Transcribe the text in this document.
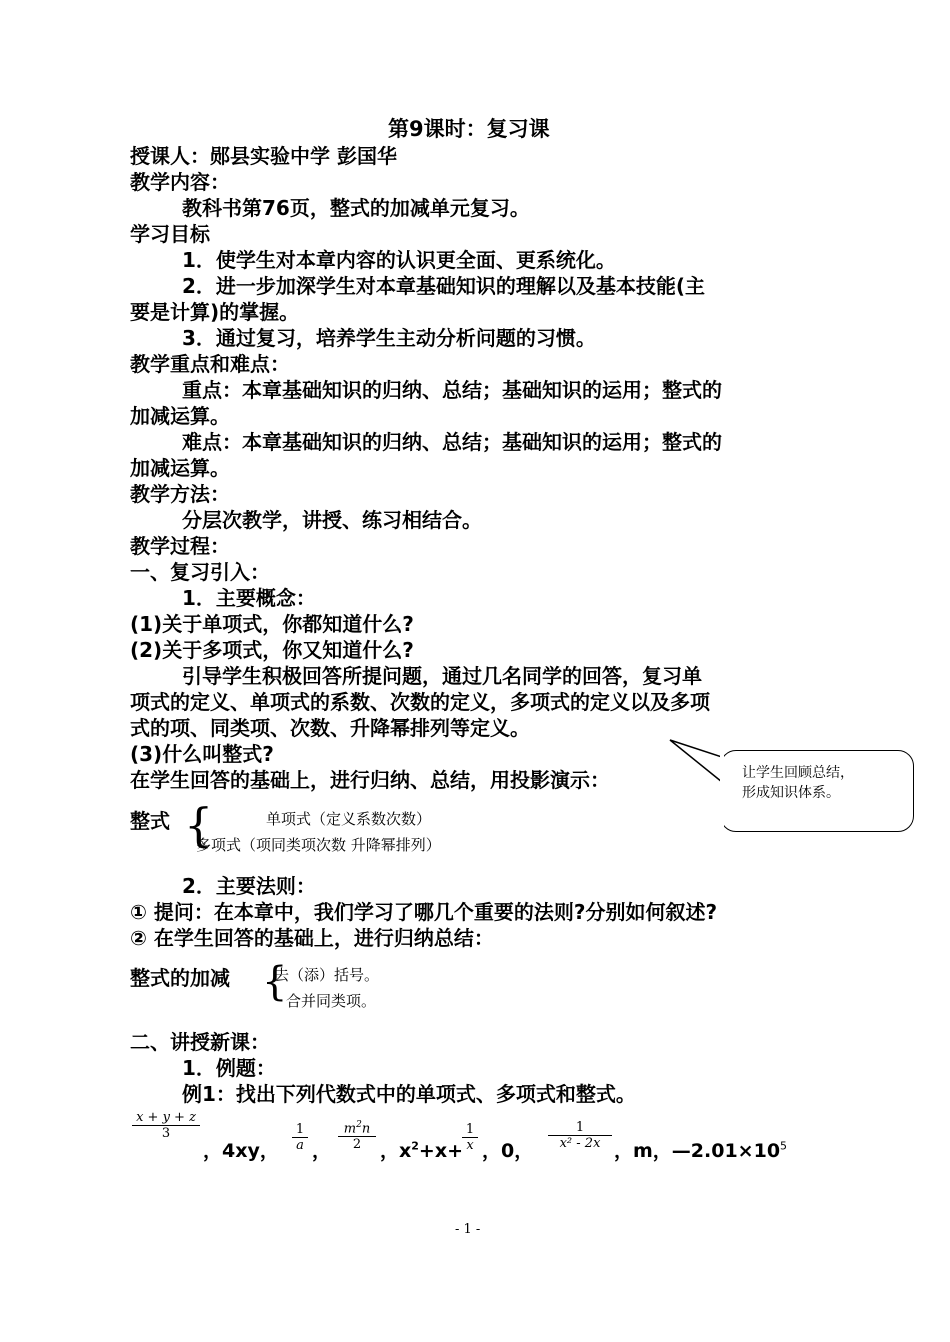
第9课时：复习课
授课人：郧县实验中学 彭国华
教学内容：
教科书第76页，整式的加减单元复习。
学习目标
1．使学生对本章内容的认识更全面、更系统化。
2．进一步加深学生对本章基础知识的理解以及基本技能(主
要是计算)的掌握。
3．通过复习，培养学生主动分析问题的习惯。
教学重点和难点：
重点：本章基础知识的归纳、总结；基础知识的运用；整式的
加减运算。
难点：本章基础知识的归纳、总结；基础知识的运用；整式的
加减运算。
教学方法：
分层次教学，讲授、练习相结合。
教学过程：
一、复习引入：
1．主要概念：
(1)关于单项式，你都知道什么?
(2)关于多项式，你又知道什么?
引导学生积极回答所提问题，通过几名同学的回答，复习单
项式的定义、单项式的系数、次数的定义，多项式的定义以及多项
式的项、同类项、次数、升降幂排列等定义。
(3)什么叫整式?
在学生回答的基础上，进行归纳、总结，用投影演示：	让学生回顾总结，
形成知识体系。
整式 {	单项式（定义系数次数）
多项式（项同类项次数 升降幂排列）
2．主要法则：
① 提问：在本章中，我们学习了哪几个重要的法则?分别如何叙述?
② 在学生回答的基础上，进行归纳总结：
整式的加减 {
去（添）括号。
合并同类项。
二、讲授新课：
1．例题：
例1：找出下列代数式中的单项式、多项式和整式。
x + y + z
3
，4xy，
1
a ，
$m^2n$
2 ，$x^2+x+$
1
x ，0，
1
x² - 2x ，m，$—2.01\times 10^5$
- 1 -
